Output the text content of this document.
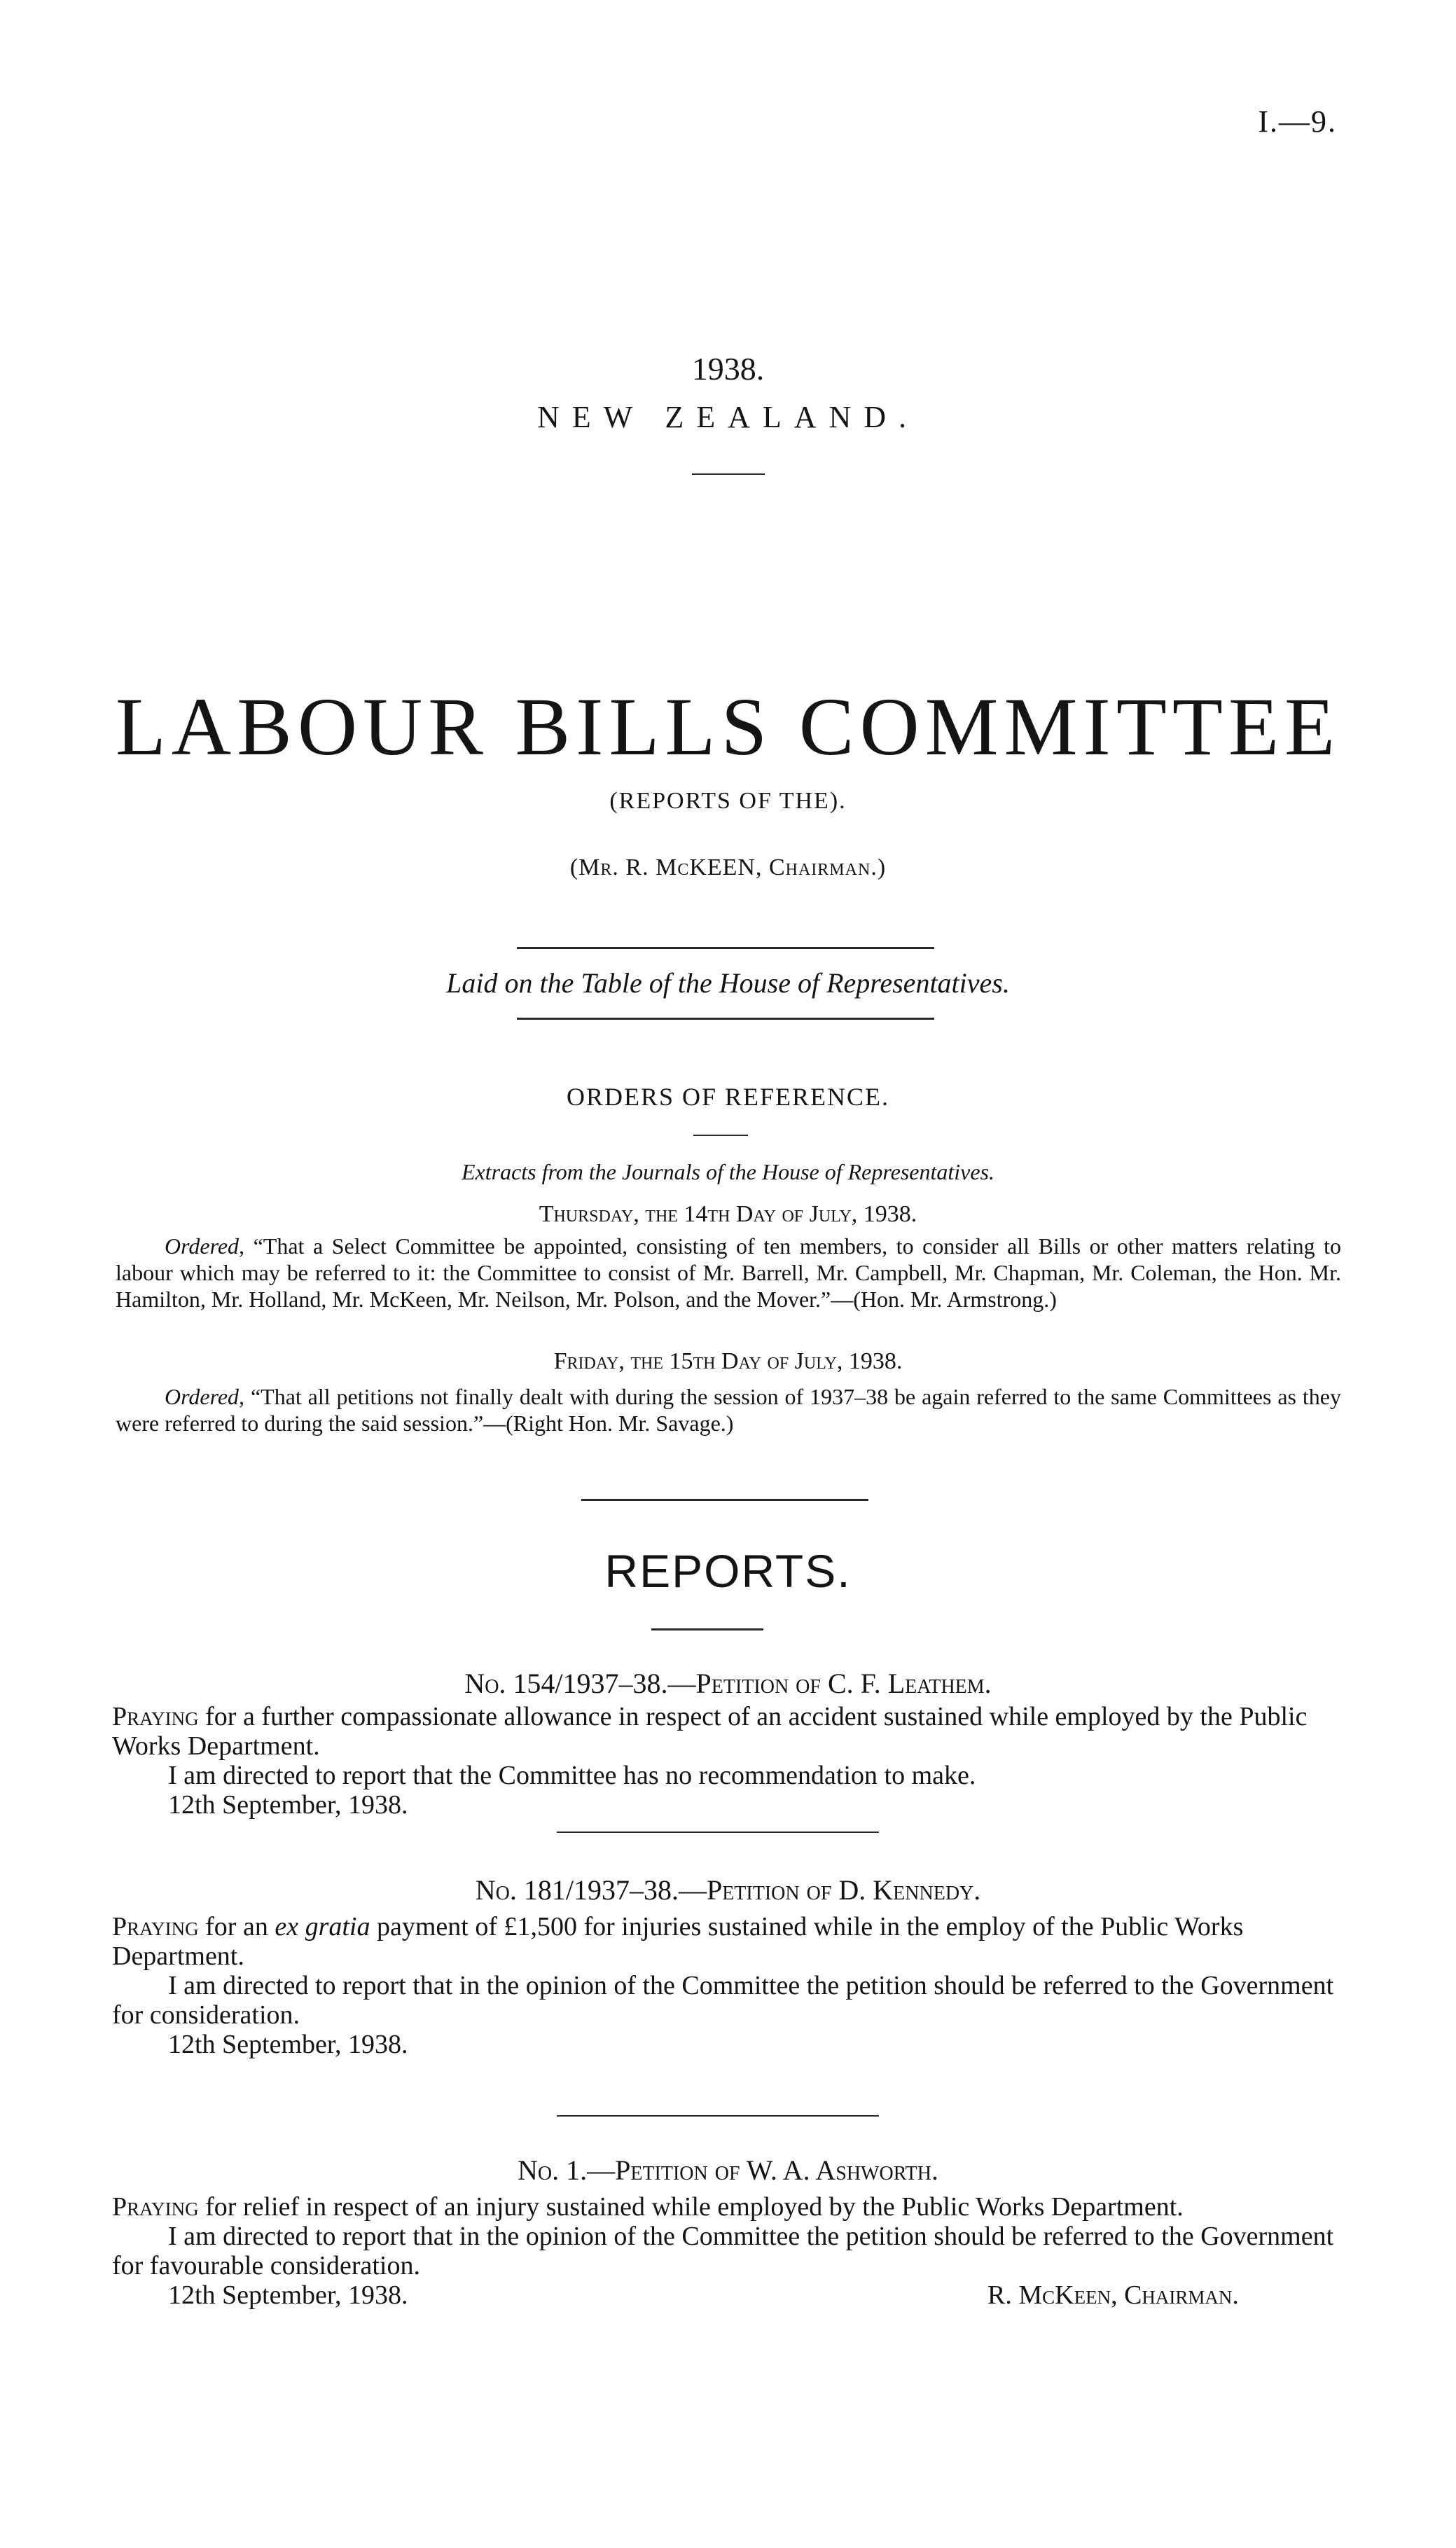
I.—9.
1938.
NEW ZEALAND.
LABOUR BILLS COMMITTEE
(REPORTS OF THE).
(Mr. R. McKEEN, Chairman.)
Laid on the Table of the House of Representatives.
ORDERS OF REFERENCE.
Extracts from the Journals of the House of Representatives.
Thursday, the 14th Day of July, 1938.
Ordered, “That a Select Committee be appointed, consisting of ten members, to consider all Bills or other matters relating to labour which may be referred to it: the Committee to consist of Mr. Barrell, Mr. Campbell, Mr. Chapman, Mr. Coleman, the Hon. Mr. Hamilton, Mr. Holland, Mr. McKeen, Mr. Neilson, Mr. Polson, and the Mover.”—(Hon. Mr. Armstrong.)
Friday, the 15th Day of July, 1938.
Ordered, “That all petitions not finally dealt with during the session of 1937–38 be again referred to the same Committees as they were referred to during the said session.”—(Right Hon. Mr. Savage.)
REPORTS.
No. 154/1937–38.—Petition of C. F. Leathem.
Praying for a further compassionate allowance in respect of an accident sustained while employed by the Public Works Department.
I am directed to report that the Committee has no recommendation to make.
12th September, 1938.
No. 181/1937–38.—Petition of D. Kennedy.
Praying for an ex gratia payment of £1,500 for injuries sustained while in the employ of the Public Works Department.
I am directed to report that in the opinion of the Committee the petition should be referred to the Government for consideration.
12th September, 1938.
No. 1.—Petition of W. A. Ashworth.
Praying for relief in respect of an injury sustained while employed by the Public Works Department.
I am directed to report that in the opinion of the Committee the petition should be referred to the Government for favourable consideration.
12th September, 1938.	R. McKeen, Chairman.
